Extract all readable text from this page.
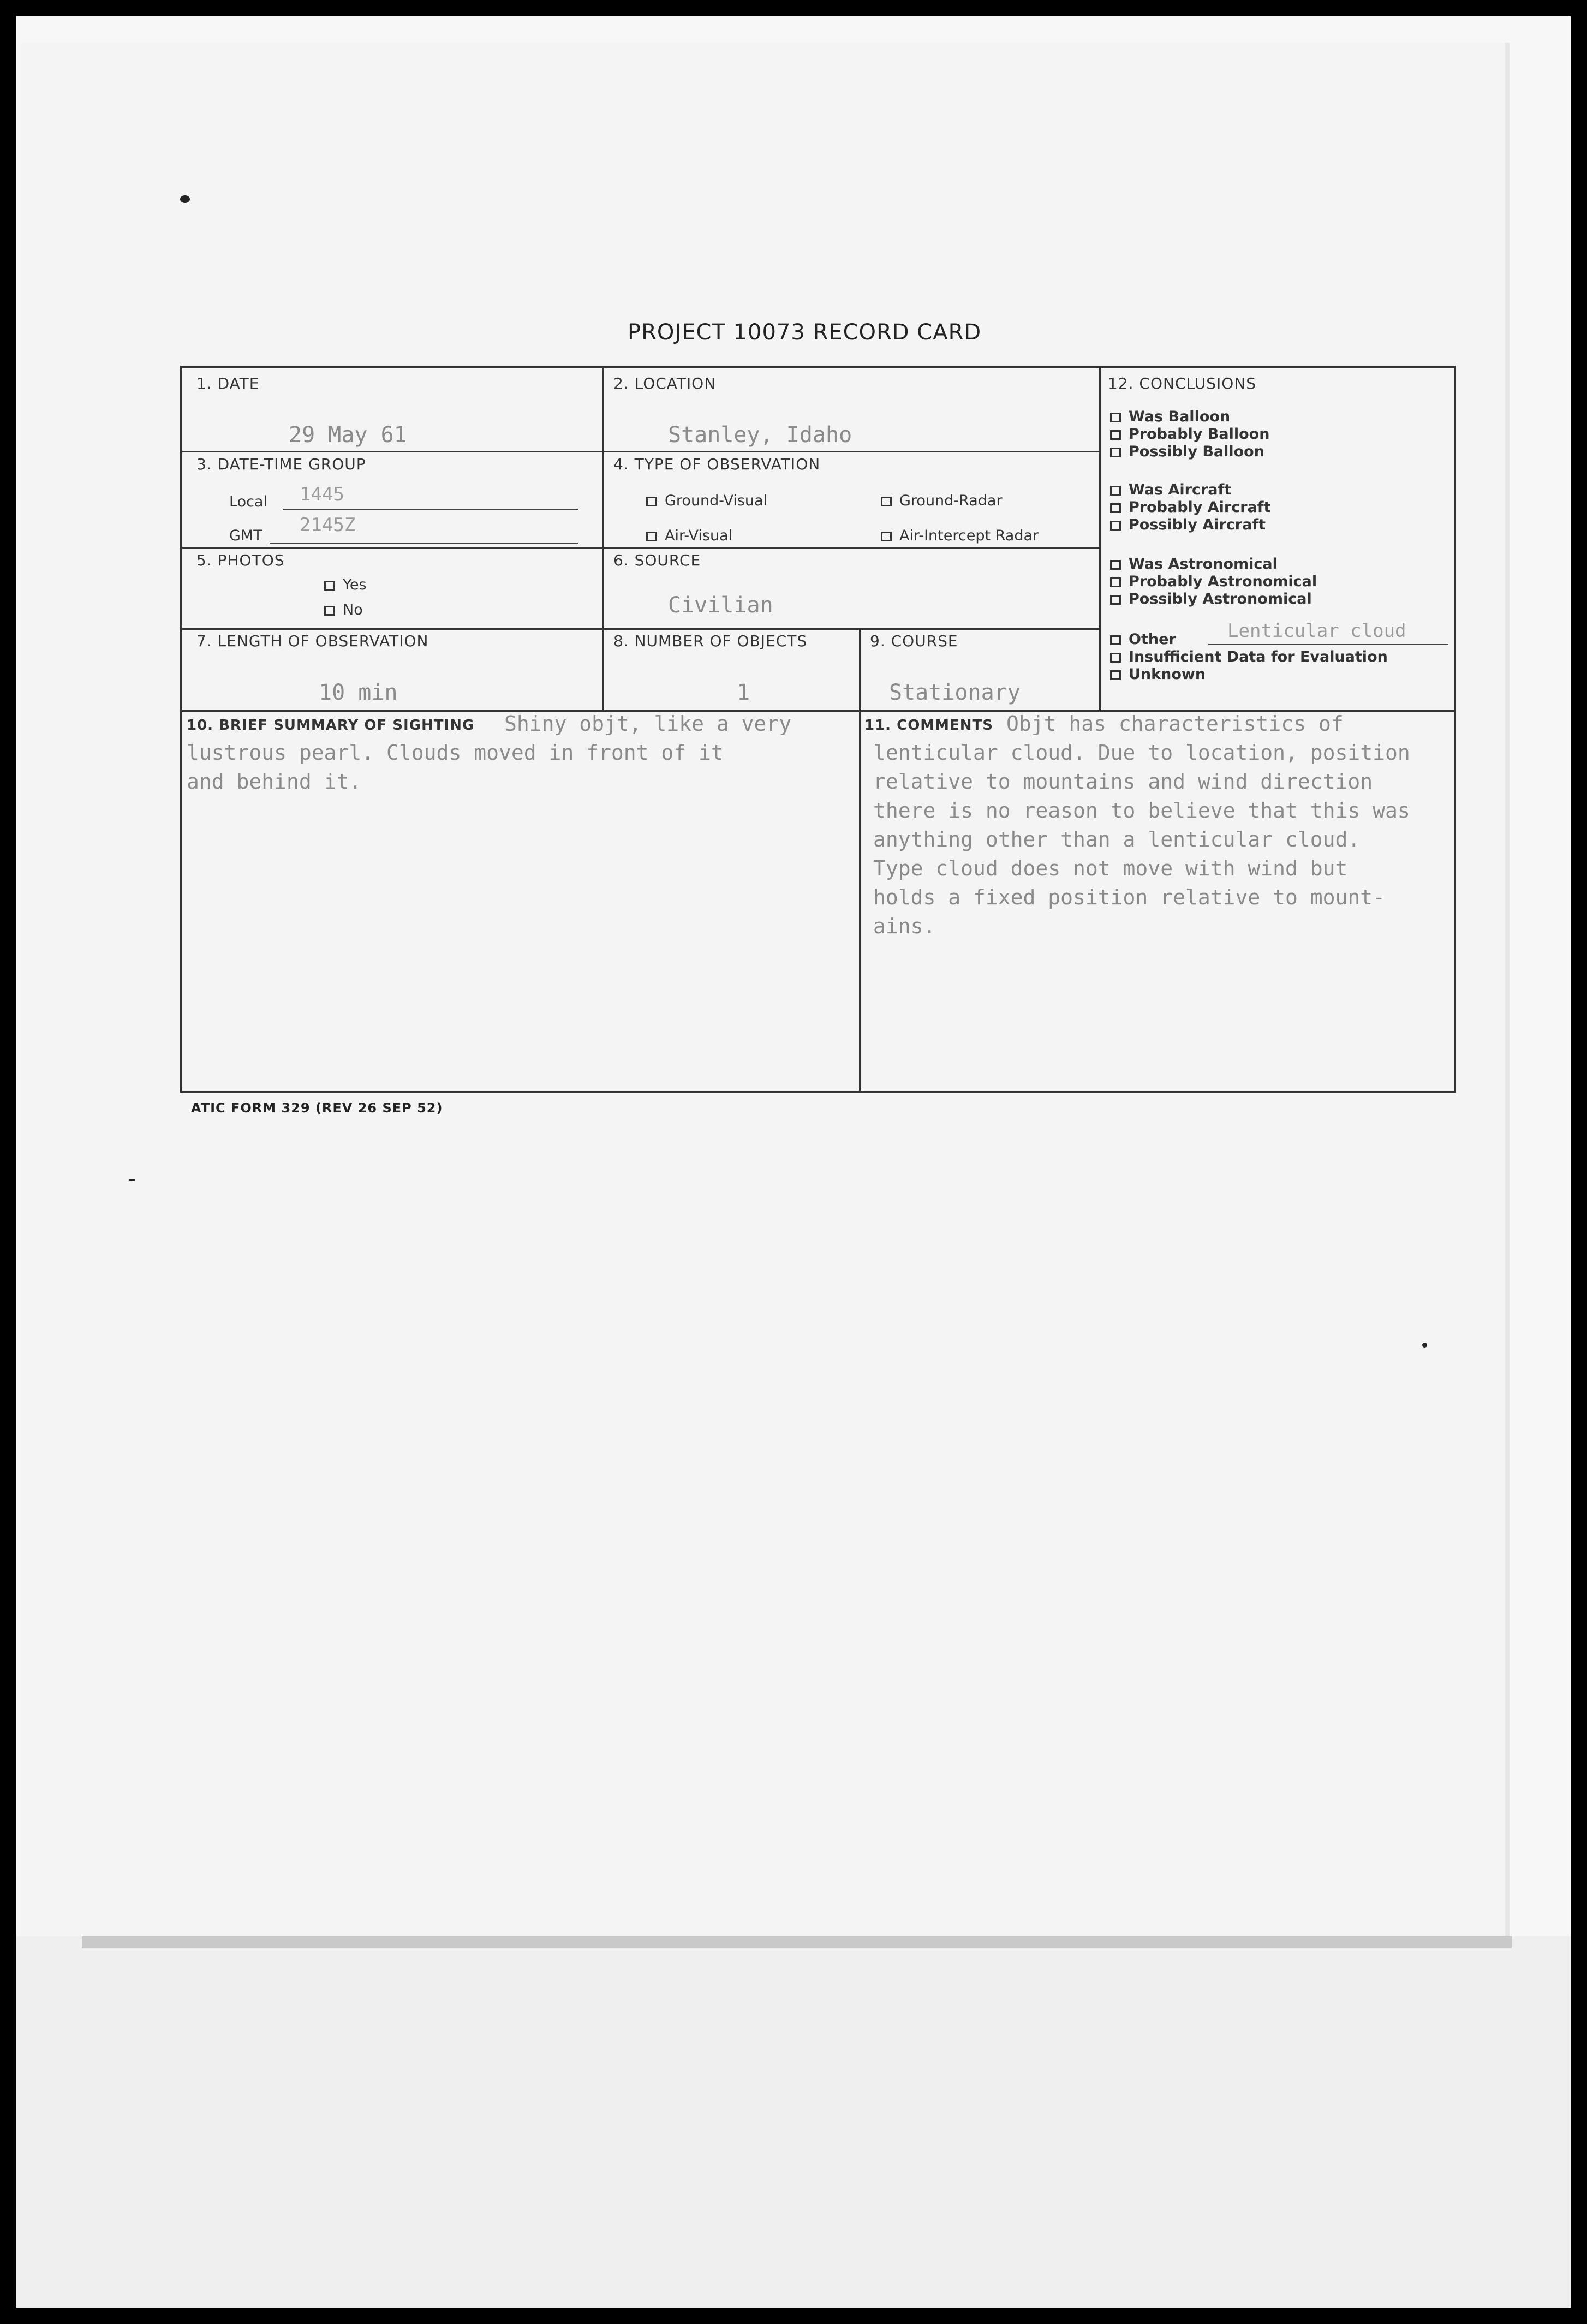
PROJECT 10073 RECORD CARD
1. DATE
29 May 61
2. LOCATION
Stanley, Idaho
3. DATE-TIME GROUP
Local 1445
GMT 2145Z
4. TYPE OF OBSERVATION
Ground-Visual	Ground-Radar
Air-Visual	Air-Intercept Radar
5. PHOTOS
Yes
No
6. SOURCE
Civilian
7. LENGTH OF OBSERVATION
10 min
8. NUMBER OF OBJECTS
1
9. COURSE
Stationary
12. CONCLUSIONS
Was Balloon
Probably Balloon
Possibly Balloon
Was Aircraft
Probably Aircraft
Possibly Aircraft
Was Astronomical
Probably Astronomical
Possibly Astronomical
Other	Lenticular cloud
Insufficient Data for Evaluation
Unknown
10. BRIEF SUMMARY OF SIGHTING Shiny objt, like a very
lustrous pearl. Clouds moved in front of it
and behind it.
11. COMMENTS Objt has characteristics of
lenticular cloud. Due to location, position
relative to mountains and wind direction
there is no reason to believe that this was
anything other than a lenticular cloud.
Type cloud does not move with wind but
holds a fixed position relative to mount-
ains.
ATIC FORM 329 (REV 26 SEP 52)
